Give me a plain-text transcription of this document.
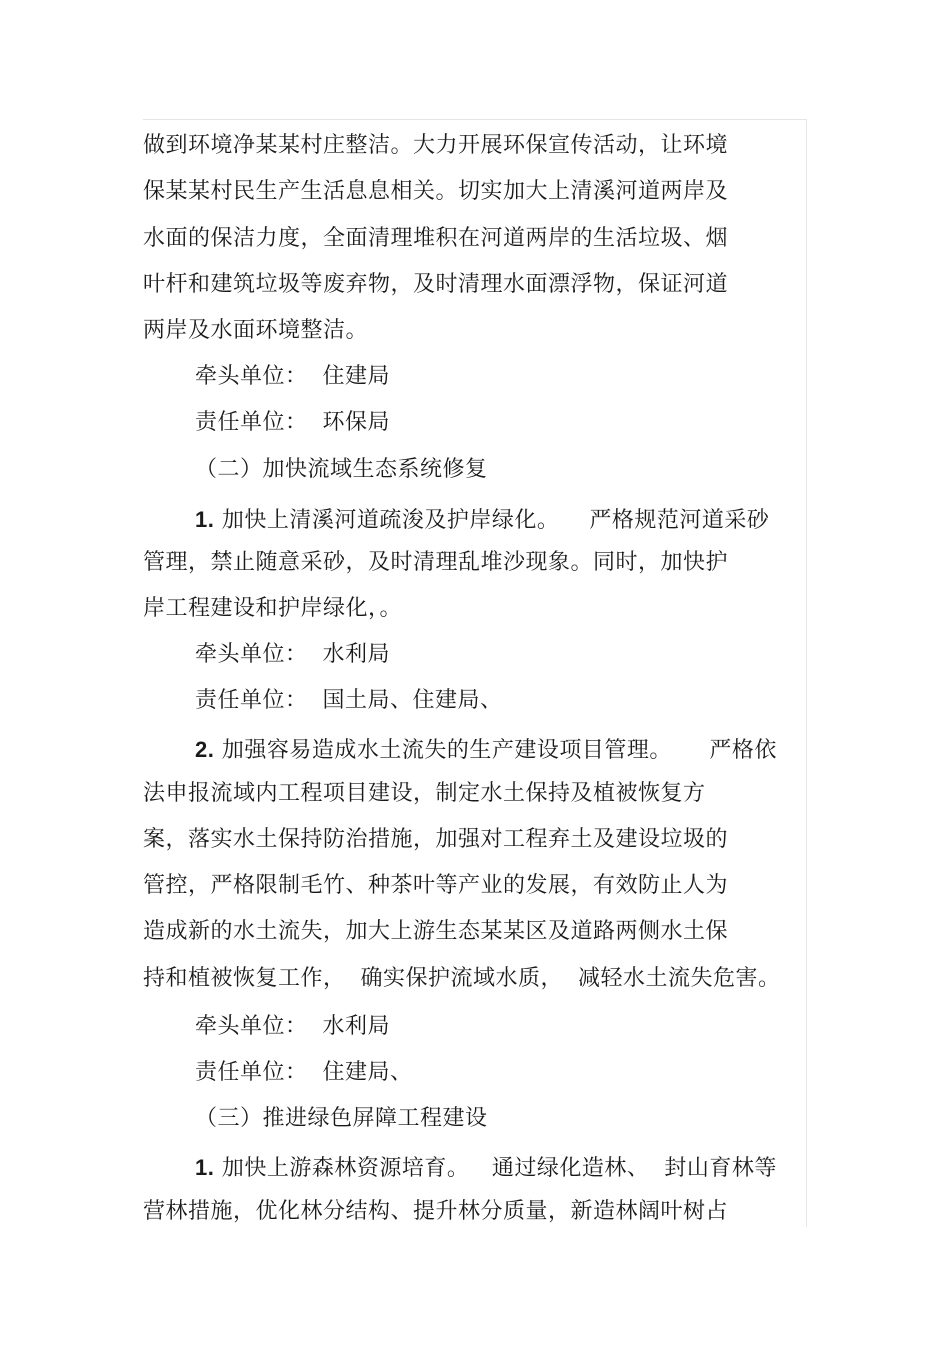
做到环境净某某村庄整洁。大力开展环保宣传活动，让环境
保某某村民生产生活息息相关。切实加大上清溪河道两岸及
水面的保洁力度，全面清理堆积在河道两岸的生活垃圾、烟
叶杆和建筑垃圾等废弃物，及时清理水面漂浮物，保证河道
两岸及水面环境整洁。
牵头单位：  住建局
责任单位：  环保局
（二）加快流域生态系统修复
1. 加快上清溪河道疏浚及护岸绿化。    严格规范河道采砂
管理，禁止随意采砂，及时清理乱堆沙现象。同时，加快护
岸工程建设和护岸绿化，。
牵头单位：  水利局
责任单位：  国土局、住建局、
2. 加强容易造成水土流失的生产建设项目管理。     严格依
法申报流域内工程项目建设，制定水土保持及植被恢复方
案，落实水土保持防治措施，加强对工程弃土及建设垃圾的
管控，严格限制毛竹、种茶叶等产业的发展，有效防止人为
造成新的水土流失，加大上游生态某某区及道路两侧水土保
持和植被恢复工作，  确实保护流域水质，  减轻水土流失危害。
牵头单位：  水利局
责任单位：  住建局、
（三）推进绿色屏障工程建设
1. 加快上游森林资源培育。   通过绿化造林、  封山育林等
营林措施，优化林分结构、提升林分质量，新造林阔叶树占
